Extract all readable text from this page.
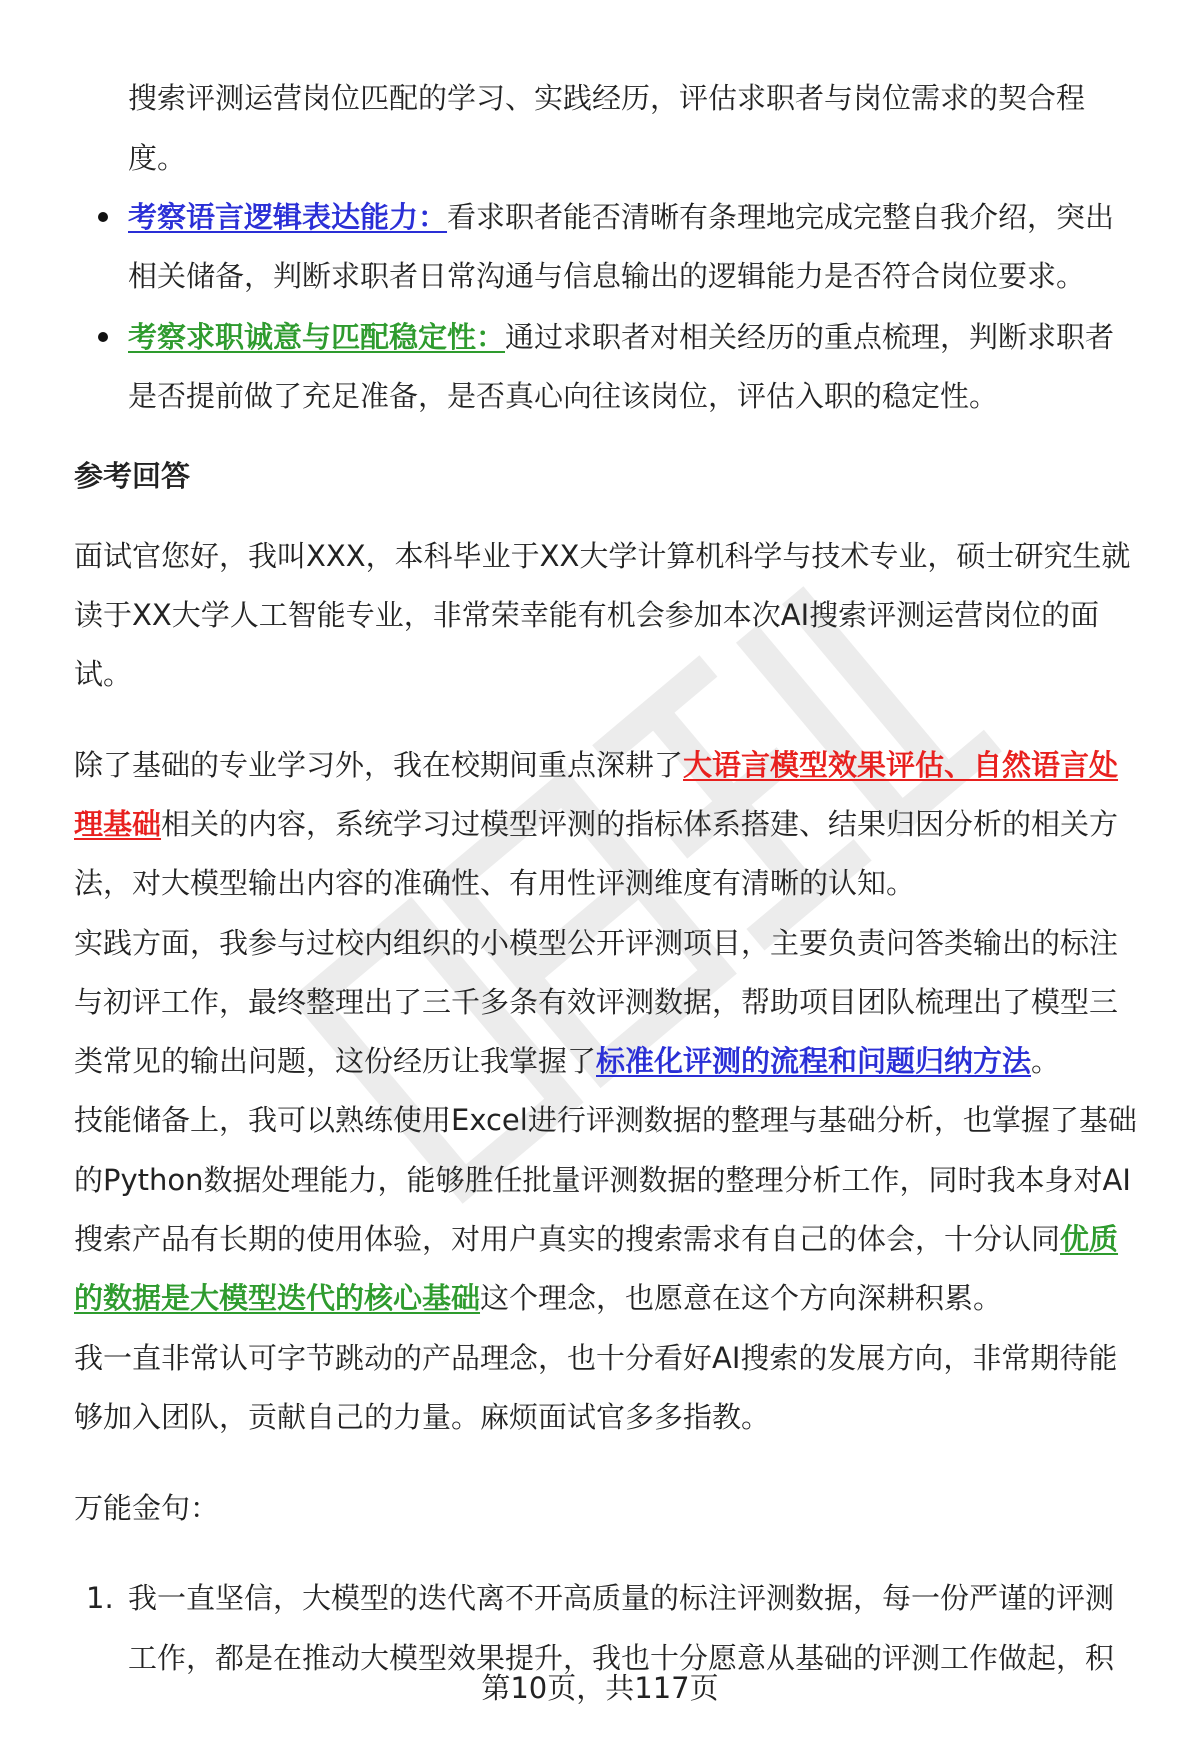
搜索评测运营岗位匹配的学习、实践经历，评估求职者与岗位需求的契合程
度。
考察语言逻辑表达能力：看求职者能否清晰有条理地完成完整自我介绍，突出
相关储备，判断求职者日常沟通与信息输出的逻辑能力是否符合岗位要求。
考察求职诚意与匹配稳定性：通过求职者对相关经历的重点梳理，判断求职者
是否提前做了充足准备，是否真心向往该岗位，评估入职的稳定性。
参考回答
面试官您好，我叫XXX，本科毕业于XX大学计算机科学与技术专业，硕士研究生就
读于XX大学人工智能专业，非常荣幸能有机会参加本次AI搜索评测运营岗位的面
试。
除了基础的专业学习外，我在校期间重点深耕了大语言模型效果评估、自然语言处
理基础相关的内容，系统学习过模型评测的指标体系搭建、结果归因分析的相关方
法，对大模型输出内容的准确性、有用性评测维度有清晰的认知。
实践方面，我参与过校内组织的小模型公开评测项目，主要负责问答类输出的标注
与初评工作，最终整理出了三千多条有效评测数据，帮助项目团队梳理出了模型三
类常见的输出问题，这份经历让我掌握了标准化评测的流程和问题归纳方法。
技能储备上，我可以熟练使用Excel进行评测数据的整理与基础分析，也掌握了基础
的Python数据处理能力，能够胜任批量评测数据的整理分析工作，同时我本身对AI
搜索产品有长期的使用体验，对用户真实的搜索需求有自己的体会，十分认同优质
的数据是大模型迭代的核心基础这个理念，也愿意在这个方向深耕积累。
我一直非常认可字节跳动的产品理念，也十分看好AI搜索的发展方向，非常期待能
够加入团队，贡献自己的力量。麻烦面试官多多指教。
万能金句：
1. 我一直坚信，大模型的迭代离不开高质量的标注评测数据，每一份严谨的评测
工作，都是在推动大模型效果提升，我也十分愿意从基础的评测工作做起，积
第10页，共117页
